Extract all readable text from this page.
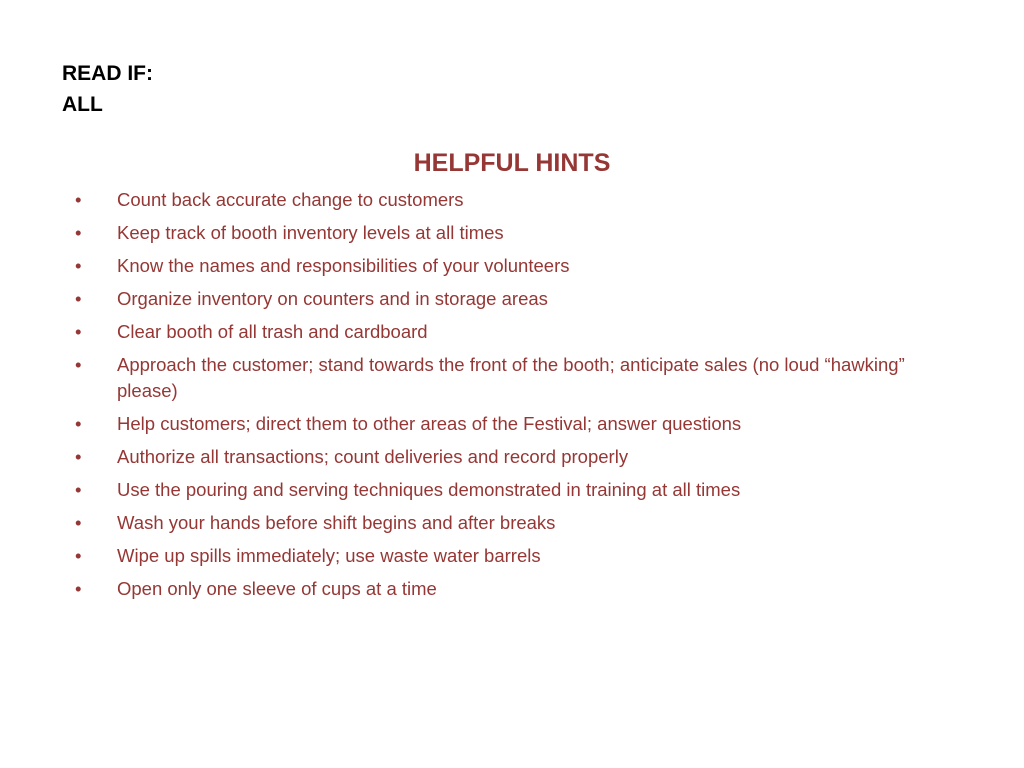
READ IF:
ALL
HELPFUL HINTS
• Count back accurate change to customers
• Keep track of booth inventory levels at all times
• Know the names and responsibilities of your volunteers
• Organize inventory on counters and in storage areas
• Clear booth of all trash and cardboard
• Approach the customer; stand towards the front of the booth; anticipate sales (no loud “hawking” please)
• Help customers; direct them to other areas of the Festival; answer questions
• Authorize all transactions; count deliveries and record properly
• Use the pouring and serving techniques demonstrated in training at all times
• Wash your hands before shift begins and after breaks
• Wipe up spills immediately; use waste water barrels
• Open only one sleeve of cups at a time
